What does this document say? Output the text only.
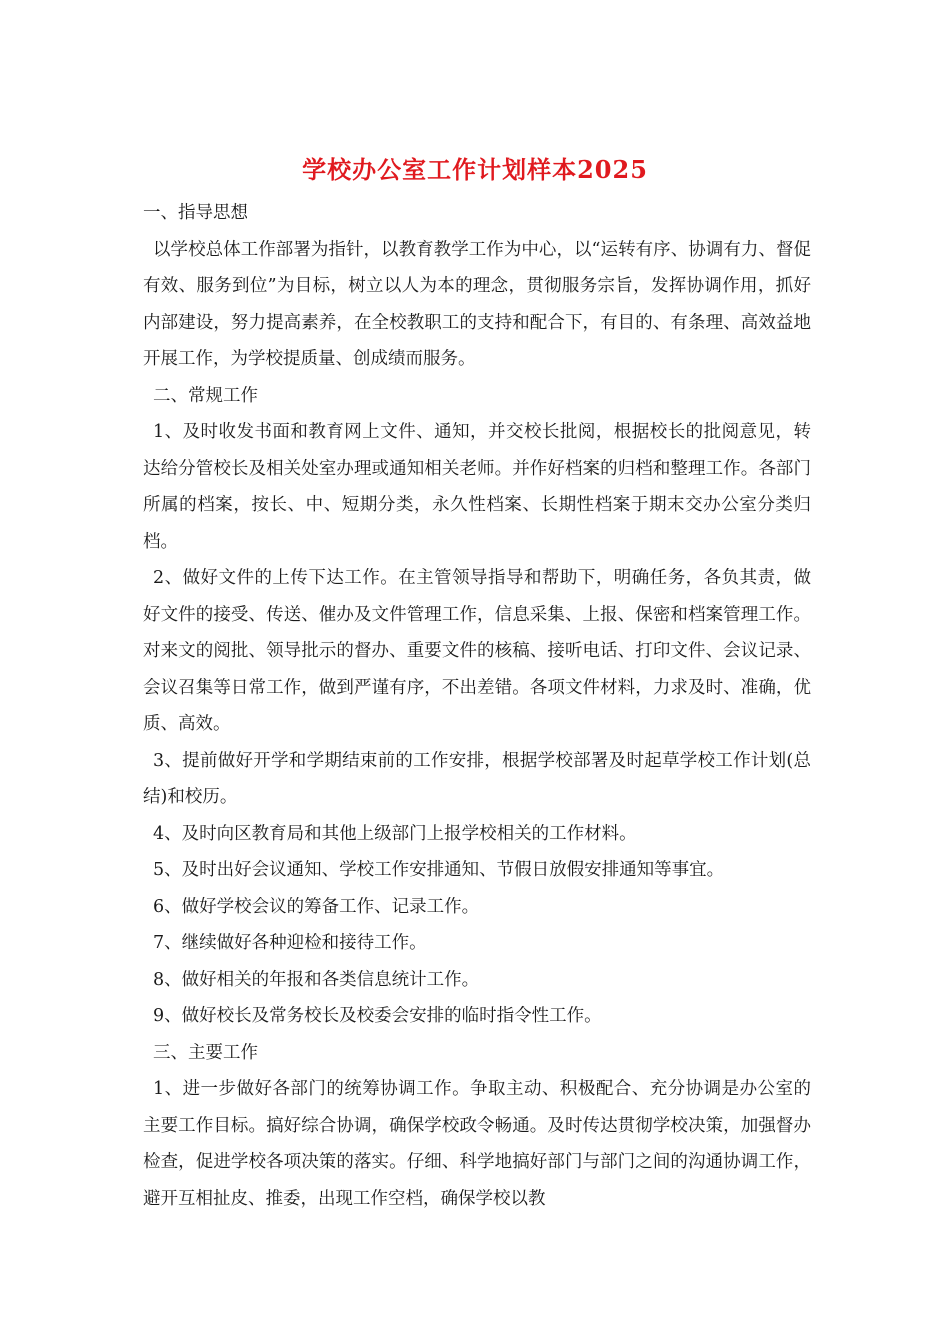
学校办公室工作计划样本2025

一、指导思想

以学校总体工作部署为指针，以教育教学工作为中心，以“运转有序、协调有力、督促有效、服务到位”为目标，树立以人为本的理念，贯彻服务宗旨，发挥协调作用，抓好内部建设，努力提高素养，在全校教职工的支持和配合下，有目的、有条理、高效益地开展工作，为学校提质量、创成绩而服务。

二、常规工作

1、及时收发书面和教育网上文件、通知，并交校长批阅，根据校长的批阅意见，转达给分管校长及相关处室办理或通知相关老师。并作好档案的归档和整理工作。各部门所属的档案，按长、中、短期分类，永久性档案、长期性档案于期末交办公室分类归档。

2、做好文件的上传下达工作。在主管领导指导和帮助下，明确任务，各负其责，做好文件的接受、传送、催办及文件管理工作，信息采集、上报、保密和档案管理工作。对来文的阅批、领导批示的督办、重要文件的核稿、接听电话、打印文件、会议记录、会议召集等日常工作，做到严谨有序，不出差错。各项文件材料，力求及时、准确，优质、高效。

3、提前做好开学和学期结束前的工作安排，根据学校部署及时起草学校工作计划(总结)和校历。

4、及时向区教育局和其他上级部门上报学校相关的工作材料。

5、及时出好会议通知、学校工作安排通知、节假日放假安排通知等事宜。

6、做好学校会议的筹备工作、记录工作。

7、继续做好各种迎检和接待工作。

8、做好相关的年报和各类信息统计工作。

9、做好校长及常务校长及校委会安排的临时指令性工作。

三、主要工作

1、进一步做好各部门的统筹协调工作。争取主动、积极配合、充分协调是办公室的主要工作目标。搞好综合协调，确保学校政令畅通。及时传达贯彻学校决策，加强督办检查，促进学校各项决策的落实。仔细、科学地搞好部门与部门之间的沟通协调工作，避开互相扯皮、推委，出现工作空档，确保学校以教
